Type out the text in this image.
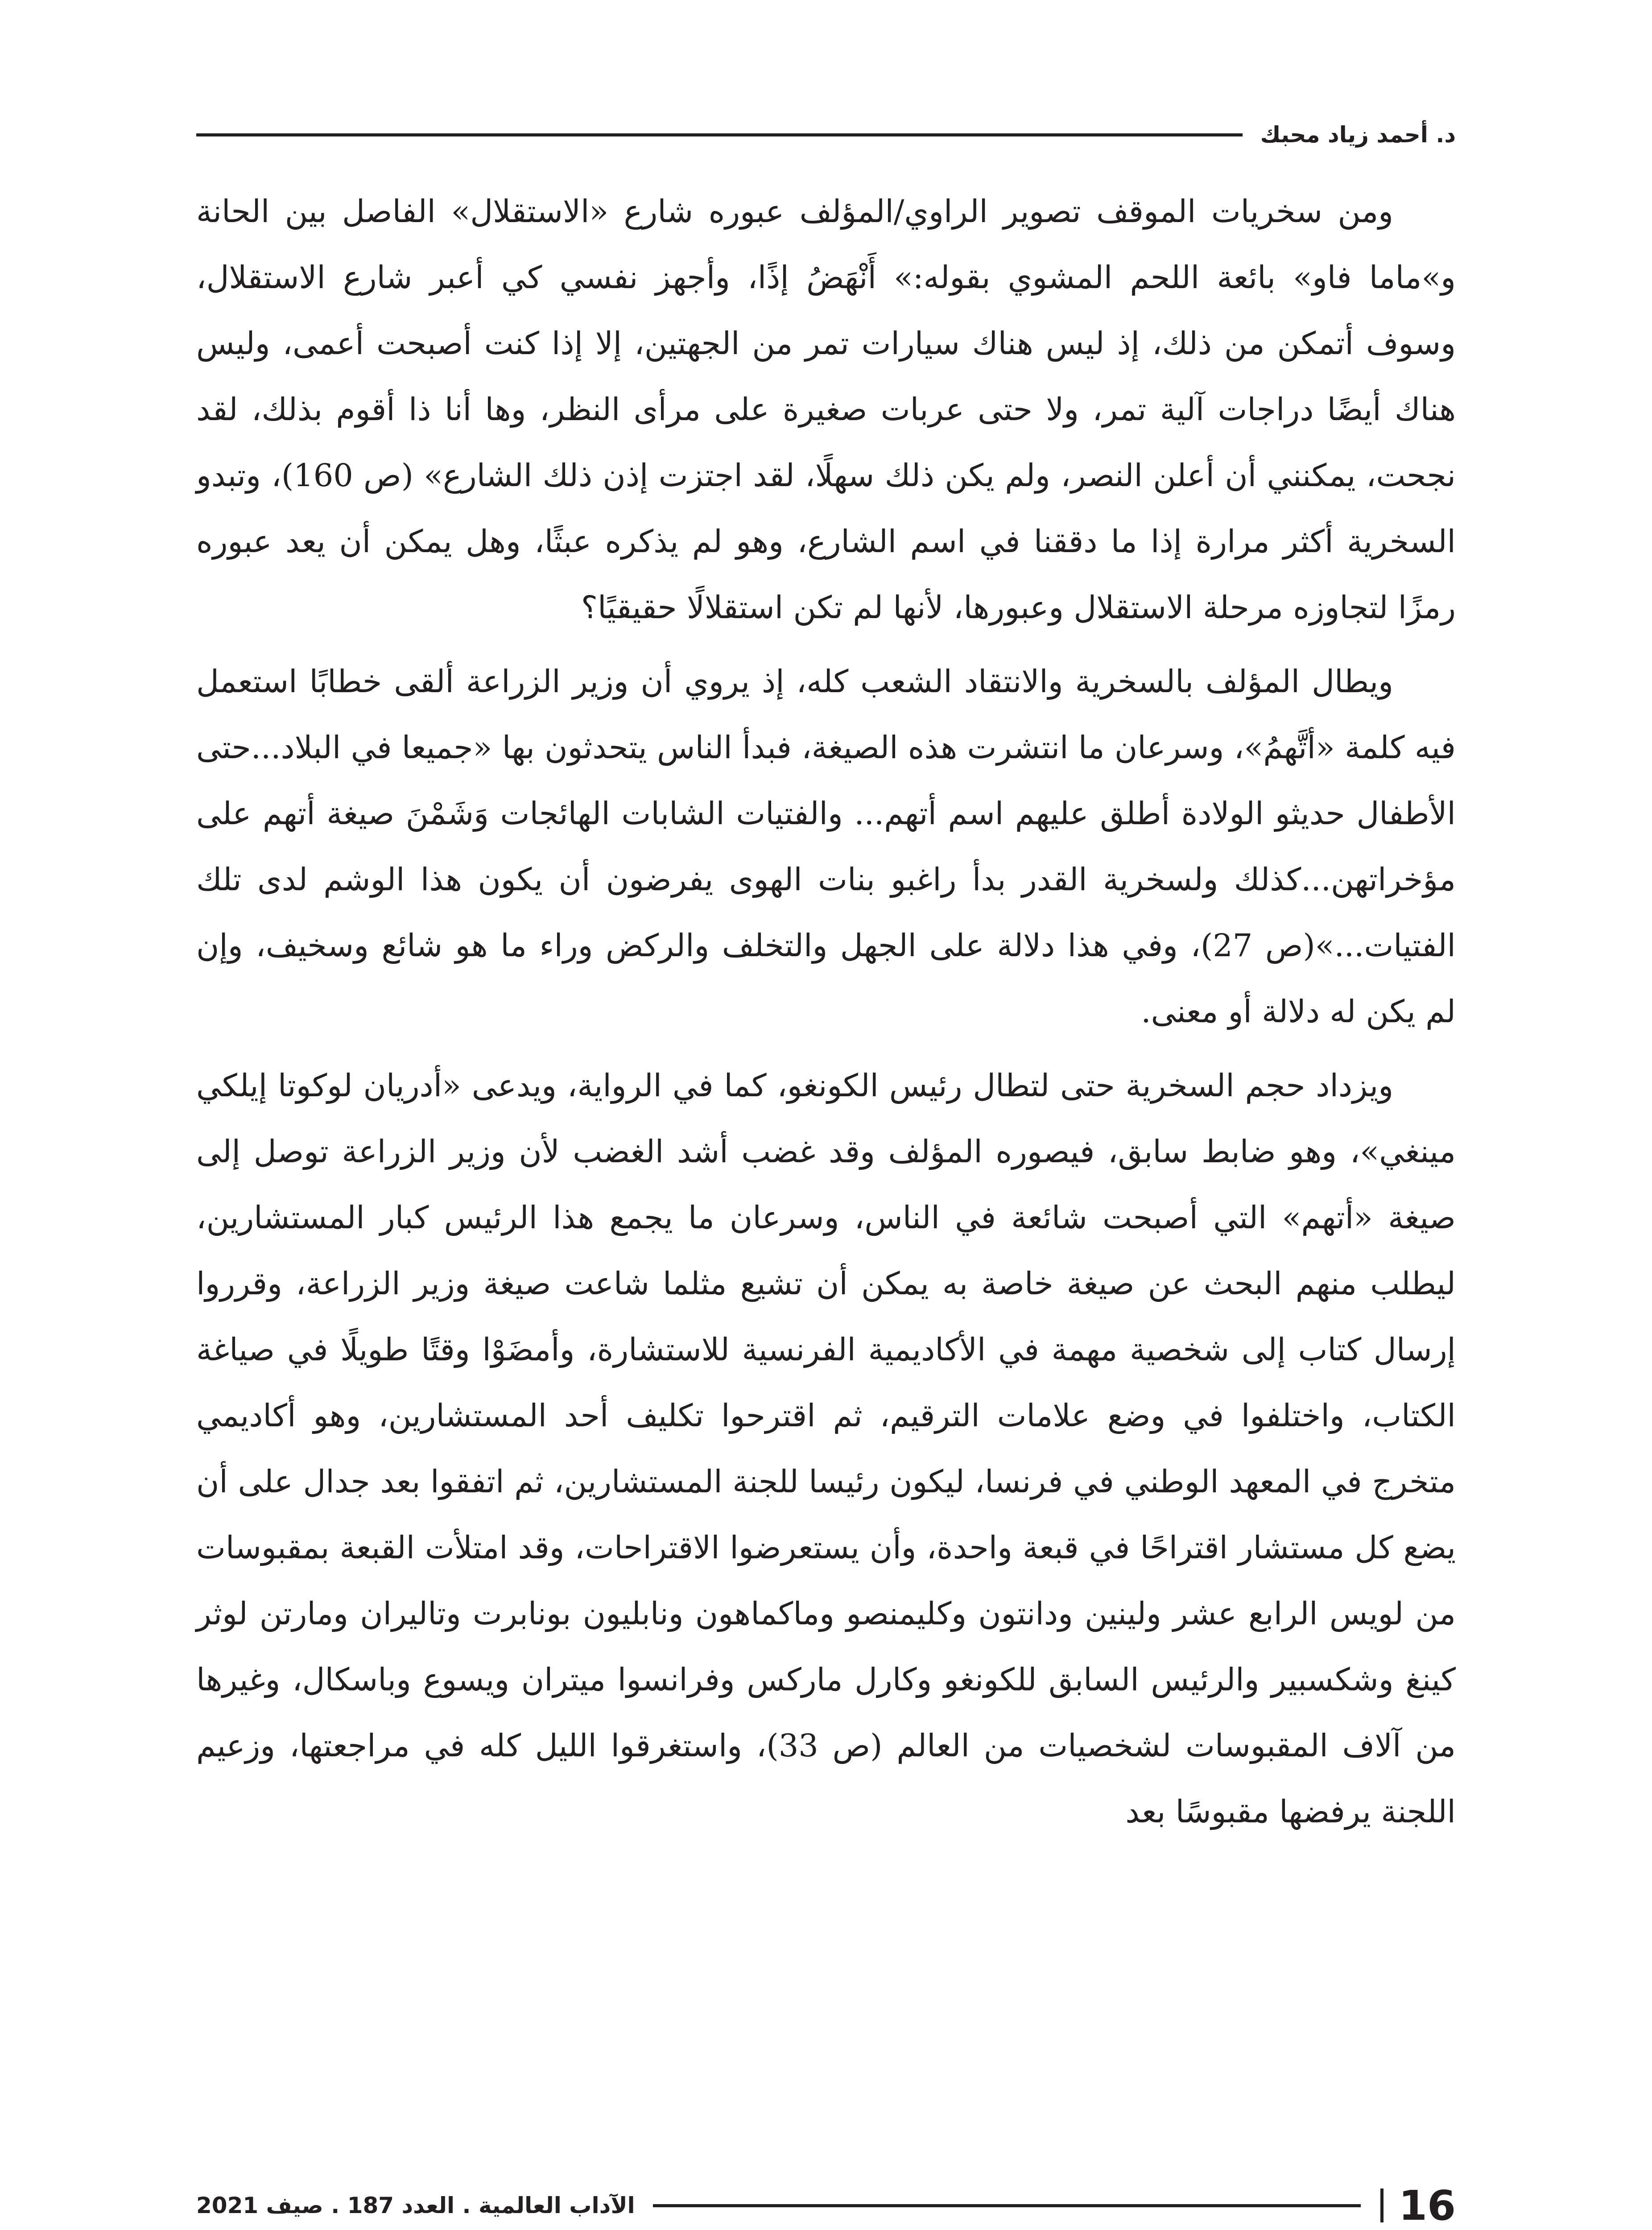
د. أحمد زياد محبك

ومن سخريات الموقف تصوير الراوي/المؤلف عبوره شارع «الاستقلال» الفاصل بين الحانة و»ماما فاو» بائعة اللحم المشوي بقوله:» أَنْهَضُ إذًا، وأجهز نفسي كي أعبر شارع الاستقلال، وسوف أتمكن من ذلك، إذ ليس هناك سيارات تمر من الجهتين، إلا إذا كنت أصبحت أعمى، وليس هناك أيضًا دراجات آلية تمر، ولا حتى عربات صغيرة على مرأى النظر، وها أنا ذا أقوم بذلك، لقد نجحت، يمكنني أن أعلن النصر، ولم يكن ذلك سهلًا، لقد اجتزت إذن ذلك الشارع» (ص 160)، وتبدو السخرية أكثر مرارة إذا ما دققنا في اسم الشارع، وهو لم يذكره عبثًا، وهل يمكن أن يعد عبوره رمزًا لتجاوزه مرحلة الاستقلال وعبورها، لأنها لم تكن استقلالًا حقيقيًا؟

ويطال المؤلف بالسخرية والانتقاد الشعب كله، إذ يروي أن وزير الزراعة ألقى خطابًا استعمل فيه كلمة «أتَّهمُ»، وسرعان ما انتشرت هذه الصيغة، فبدأ الناس يتحدثون بها «جميعا في البلاد...حتى الأطفال حديثو الولادة أطلق عليهم اسم أتهم... والفتيات الشابات الهائجات وَشَمْنَ صيغة أتهم على مؤخراتهن...كذلك ولسخرية القدر بدأ راغبو بنات الهوى يفرضون أن يكون هذا الوشم لدى تلك الفتيات...»(ص 27)، وفي هذا دلالة على الجهل والتخلف والركض وراء ما هو شائع وسخيف، وإن لم يكن له دلالة أو معنى.

ويزداد حجم السخرية حتى لتطال رئيس الكونغو، كما في الرواية، ويدعى «أدريان لوكوتا إيلكي مينغي»، وهو ضابط سابق، فيصوره المؤلف وقد غضب أشد الغضب لأن وزير الزراعة توصل إلى صيغة «أتهم» التي أصبحت شائعة في الناس، وسرعان ما يجمع هذا الرئيس كبار المستشارين، ليطلب منهم البحث عن صيغة خاصة به يمكن أن تشيع مثلما شاعت صيغة وزير الزراعة، وقرروا إرسال كتاب إلى شخصية مهمة في الأكاديمية الفرنسية للاستشارة، وأمضَوْا وقتًا طويلًا في صياغة الكتاب، واختلفوا في وضع علامات الترقيم، ثم اقترحوا تكليف أحد المستشارين، وهو أكاديمي متخرج في المعهد الوطني في فرنسا، ليكون رئيسا للجنة المستشارين، ثم اتفقوا بعد جدال على أن يضع كل مستشار اقتراحًا في قبعة واحدة، وأن يستعرضوا الاقتراحات، وقد امتلأت القبعة بمقبوسات من لويس الرابع عشر ولينين ودانتون وكليمنصو وماكماهون ونابليون بونابرت وتاليران ومارتن لوثر كينغ وشكسبير والرئيس السابق للكونغو وكارل ماركس وفرانسوا ميتران ويسوع وباسكال، وغيرها من آلاف المقبوسات لشخصيات من العالم (ص 33)، واستغرقوا الليل كله في مراجعتها، وزعيم اللجنة يرفضها مقبوسًا بعد

16
الآداب العالمية . العدد 187 . صيف 2021
